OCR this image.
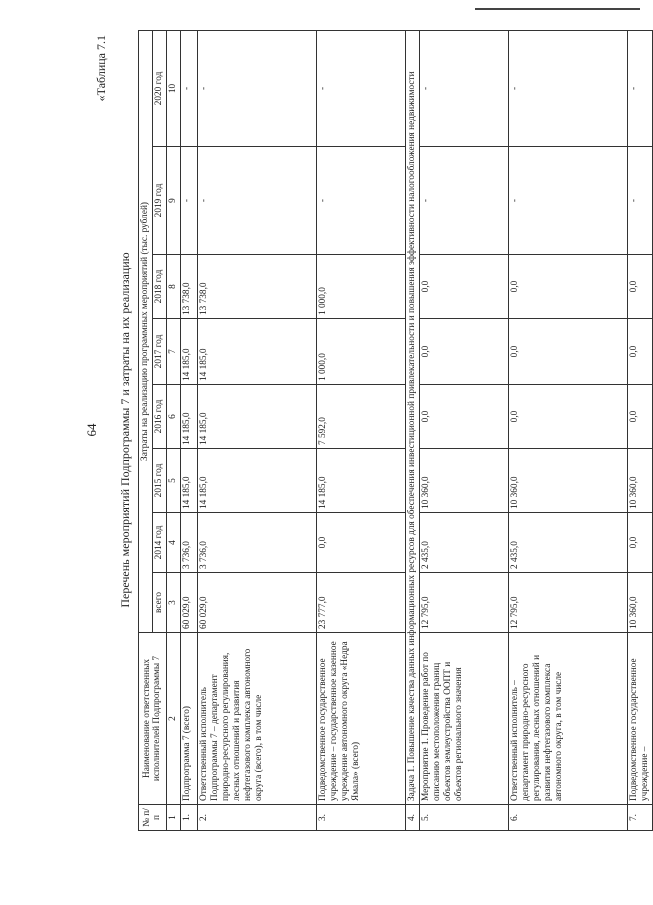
64
«Таблица 7.1
Перечень мероприятий Подпрограммы 7 и затраты на их реализацию
№ п/п	Наименование ответственных исполнителей Подпрограммы 7	Затраты на реализацию программных мероприятий (тыс. рублей)							
		всего	2014 год	2015 год	2016 год	2017 год	2018 год	2019 год	2020 год
1	2	3	4	5	6	7	8	9	10
1.	Подпрограмма 7 (всего)	60 029,0	3 736,0	14 185,0	14 185,0	14 185,0	13 738,0	-	-
2.	Ответственный исполнитель Подпрограммы 7 – департамент природно-ресурсного регулирования, лесных отношений и развития нефтегазового комплекса автономного округа (всего), в том числе	60 029,0	3 736,0	14 185,0	14 185,0	14 185,0	13 738,0	-	-
3.	Подведомственное государственное учреждение – государственное казенное учреждение автономного округа «Недра Ямала» (всего)	23 777,0	0,0	14 185,0	7 592,0	1 000,0	1 000,0	-	-
4.	Задача 1. Повышение качества данных информационных ресурсов для обеспечения инвестиционной привлекательности и повышения эффективности налогообложения недвижимости								
5.	Мероприятие 1. Проведение работ по описанию местоположения границ объектов землеустройства ООПТ и объектов регионального значения	12 795,0	2 435,0	10 360,0	0,0	0,0	0,0	-	-
6.	Ответственный исполнитель – департамент природно-ресурсного регулирования, лесных отношений и развития нефтегазового комплекса автономного округа, в том числе	12 795,0	2 435,0	10 360,0	0,0	0,0	0,0	-	-
7.	Подведомственное государственное учреждение –	10 360,0	0,0	10 360,0	0,0	0,0	0,0	-	-
